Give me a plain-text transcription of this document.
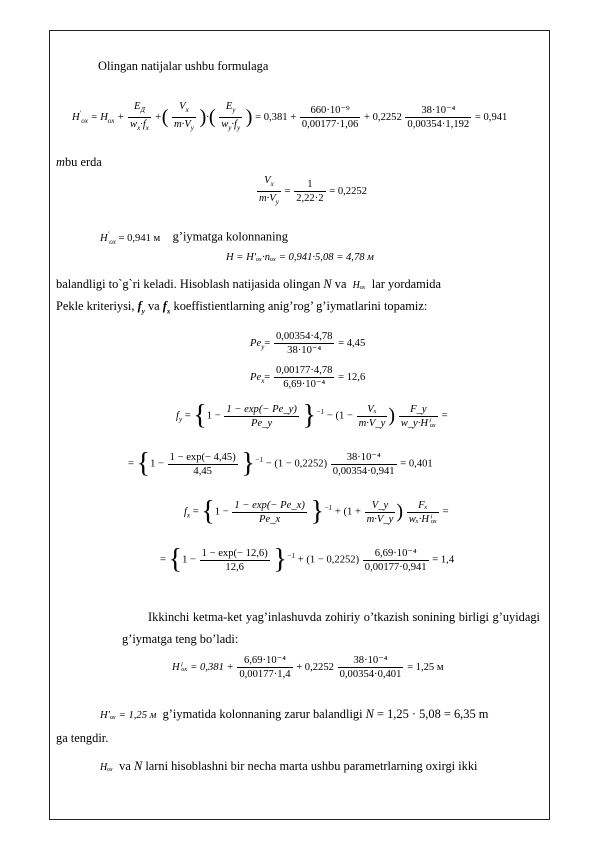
Olingan natijalar ushbu formulaga
$H'_{ox} = H_{ox} + \frac{E_Д}{w_x\cdot f_x}$ +( $\frac{V_x}{m\cdot V_y}$ )·( $\frac{E_y}{w_y\cdot f_y}$ ) = $0,381 + \frac{\text{660·10⁻⁹}}{0,00177\cdot 1,06} + 0,2252 \frac{\text{38·10⁻⁴}}{0,00354\cdot 1,192} = 0,941$
mbu erda
$\frac{V_x}{m\cdot V_y} = \frac{1}{2,22\cdot 2} = 0,2252$
$H'_{ox} = 0,941$ м g’iymatga kolonnaning
H = H′ₒₓ·nₒₓ = 0,941·5,08 = 4,78 м
balandligi to`g`ri keladi. Hisoblash natijasida olingan N va Hₒₓ lar yordamida
Pekle kriteriysi, $f_y$ va $f_x$ koeffistientlarning anig’rog’ g’iymatlarini topamiz:
$Pe_y= \frac{0,00354\cdot 4,78}{\text{38·10⁻⁴}} = 4,45$
$Pe_x= \frac{0,00177\cdot 4,78}{\text{6,69·10⁻⁴}} = 12,6$
$f_y = \{1 - \frac{1 - \exp(- Pe\_y)}{Pe\_y} \}^{-1} - (1 - \frac{\text{Vₓ}}{m\cdot V\_y}$ ) $\frac{F\_y}{\text{w\_y·Hⁱₒₓ}}$ =
= $\{1 - \frac{1 - \exp(- 4,45)}{4,45} \}^{-1} - (1 - 0,2252) \frac{\text{38·10⁻⁴}}{0,00354\cdot 0,941} = 0,401$
$f_x = \{1 - \frac{1 - \exp(- Pe\_x)}{Pe\_x} \}^{-1} + (1 + \frac{V\_y}{m\cdot V\_y}$ ) $\frac{\text{Fₓ}}{\text{wₓ·Hⁱₒₓ}}$ =
= $\{1 - \frac{1 - \exp(- 12,6)}{12,6} \}^{-1} + (1 - 0,2252) \frac{\text{6,69·10⁻⁴}}{0,00177\cdot 0,941} = 1,4$
Ikkinchi ketma-ket yag’inlashuvda zohiriy o’tkazish sonining birligi g’uyidagi g’iymatga teng bo’ladi:
$H^i_{ox} = 0,381 + \frac{\text{6,69·10⁻⁴}}{0,00177\cdot 1,4} + 0,2252 \frac{\text{38·10⁻⁴}}{0,00354\cdot 0,401} = 1,25$ м
H′ₒₓ = 1,25 м g’iymatida kolonnaning zarur balandligi N = 1,25 · 5,08 = 6,35 m
ga tengdir.
Hₒₓ va N larni hisoblashni bir necha marta ushbu parametrlarning oxirgi ikki
